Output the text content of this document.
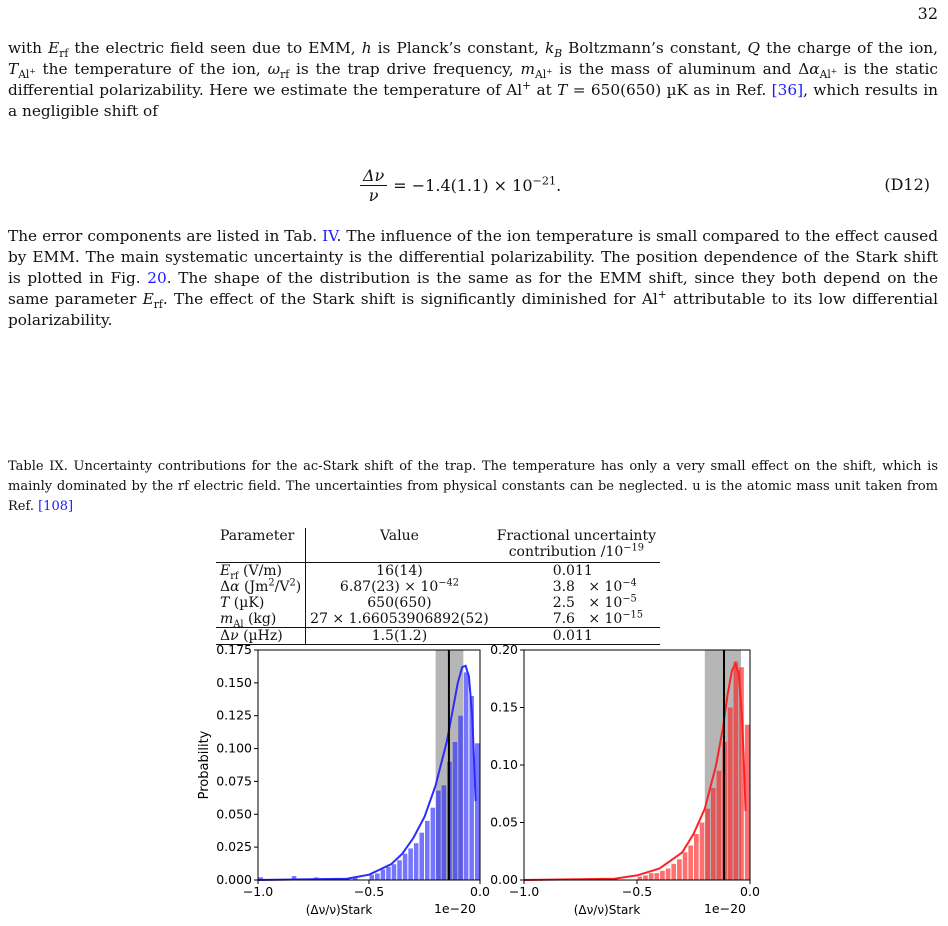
32

with $E_{rf}$ the electric field seen due to EMM, h is Planck’s constant, $k_B$ Boltzmann’s constant, Q the charge of the ion, $T_{Al^+}$ the temperature of the ion, $\omega_{rf}$ is the trap drive frequency, $m_{Al^+}$ is the mass of aluminum and $\Delta\alpha_{Al^+}$ is the static differential polarizability. Here we estimate the temperature of Al+ at T = 650(650) µK as in Ref. [36], which results in a negligible shift of

$\frac{\Delta\nu}{\nu} = -1.4(1.1) \times 10^{-21}$.	(D12)

The error components are listed in Tab. IV. The influence of the ion temperature is small compared to the effect caused by EMM. The main systematic uncertainty is the differential polarizability. The position dependence of the Stark shift is plotted in Fig. 20. The shape of the distribution is the same as for the EMM shift, since they both depend on the same parameter $E_{rf}$. The effect of the Stark shift is significantly diminished for Al+ attributable to its low differential polarizability.

Table IX. Uncertainty contributions for the ac-Stark shift of the trap. The temperature has only a very small effect on the shift, which is mainly dominated by the rf electric field. The uncertainties from physical constants can be neglected. u is the atomic mass unit taken from Ref. [108]
Parameter	Value	Fractional uncertainty
contribution $/10^{-19}$
$E_{rf}$ (V/m)	16(14)	0.011
Δα $(Jm^2/V^2)$	$6.87(23) \times 10^{-42}$	$3.8 \times 10^{-4}$
T (µK)	650(650)	$2.5 \times 10^{-5}$
$m_{Al}$ (kg)	27 × 1.66053906892(52)	$7.6 \times 10^{-15}$
Δν (µHz)	1.5(1.2)	0.011
0.000
0.025
0.050
0.075
0.100
0.125
0.150
0.175
−1.0	−0.5	0.0
1e−20
(Δν/ν)Stark
Probability
0.00
0.05
0.10
0.15
0.20
−1.0	−0.5	0.0
1e−20
(Δν/ν)Stark
